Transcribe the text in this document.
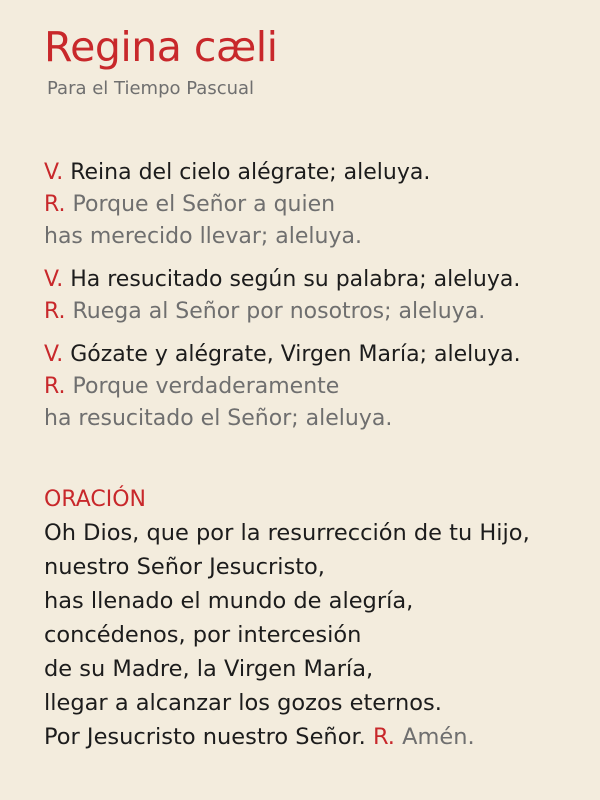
Regina cæli
Para el Tiempo Pascual
V. Reina del cielo alégrate; aleluya.
R. Porque el Señor a quien
has merecido llevar; aleluya.
V. Ha resucitado según su palabra; aleluya.
R. Ruega al Señor por nosotros; aleluya.
V. Gózate y alégrate, Virgen María; aleluya.
R. Porque verdaderamente
ha resucitado el Señor; aleluya.
ORACIÓN
Oh Dios, que por la resurrección de tu Hijo,
nuestro Señor Jesucristo,
has llenado el mundo de alegría,
concédenos, por intercesión
de su Madre, la Virgen María,
llegar a alcanzar los gozos eternos.
Por Jesucristo nuestro Señor. R. Amén.
